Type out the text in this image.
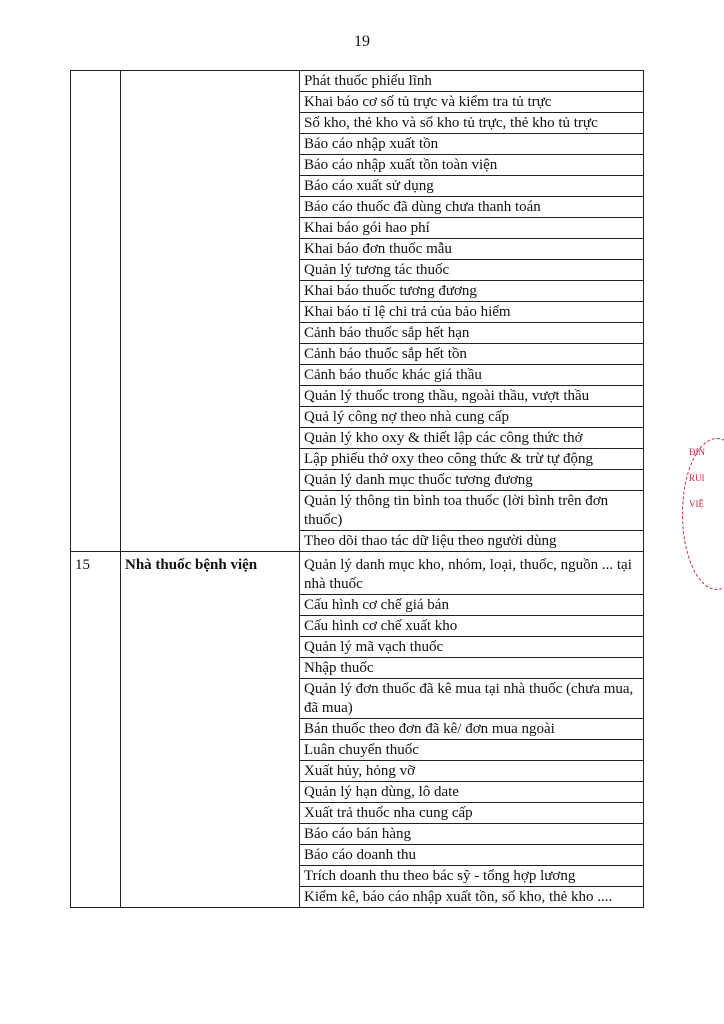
19
		Phát thuốc phiếu lĩnh
		Khai báo cơ số tủ trực và kiểm tra tủ trực
		Sổ kho, thẻ kho và sổ kho tủ trực, thẻ kho tủ trực
		Báo cáo nhập xuất tồn
		Báo cáo nhập xuất tồn toàn viện
		Báo cáo xuất sử dụng
		Báo cáo thuốc đã dùng chưa thanh toán
		Khai báo gói hao phí
		Khai báo đơn thuốc mẫu
		Quản lý tương tác thuốc
		Khai báo thuốc tương đương
		Khai báo tỉ lệ chi trả của bảo hiểm
		Cảnh báo thuốc sắp hết hạn
		Cảnh báo thuốc sắp hết tồn
		Cảnh báo thuốc khác giá thầu
		Quản lý thuốc trong thầu, ngoài thầu, vượt thầu
		Quả lý công nợ theo nhà cung cấp
		Quản lý kho oxy & thiết lập các công thức thở
		Lập phiếu thở oxy theo công thức & trừ tự động
		Quản lý danh mục thuốc tương đương
		Quản lý thông tin bình toa thuốc (lời bình trên đơn thuốc)
		Theo dõi thao tác dữ liệu theo người dùng
15	Nhà thuốc bệnh viện	Quản lý danh mục kho, nhóm, loại, thuốc, nguồn ... tại nhà thuốc
		Cấu hình cơ chế giá bán
		Cấu hình cơ chế xuất kho
		Quản lý mã vạch thuốc
		Nhập thuốc
		Quản lý đơn thuốc đã kê mua tại nhà thuốc (chưa mua, đã mua)
		Bán thuốc theo đơn đã kê/ đơn mua ngoài
		Luân chuyển thuốc
		Xuất hủy, hỏng vỡ
		Quản lý hạn dùng, lô date
		Xuất trả thuốc nha cung cấp
		Báo cáo bán hàng
		Báo cáo doanh thu
		Trích doanh thu theo bác sỹ - tổng hợp lương
		Kiểm kê, báo cáo nhập xuất tồn, sổ kho, thẻ kho ....
ĐIN
RUI
VIỆ
